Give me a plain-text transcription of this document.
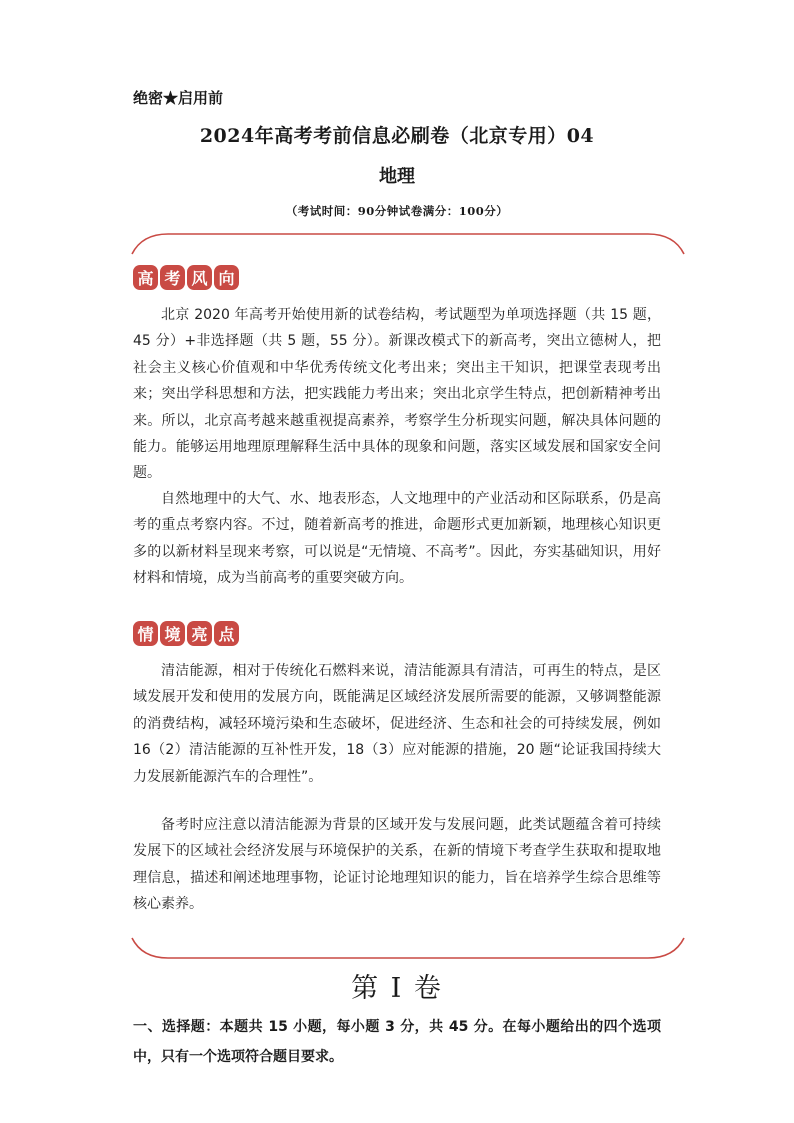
绝密★启用前
2024年高考考前信息必刷卷（北京专用）04
地理
（考试时间：90分钟试卷满分：100分）
高 考 风 向
北京 2020 年高考开始使用新的试卷结构，考试题型为单项选择题（共 15 题，45 分）+非选择题（共 5 题，55 分）。新课改模式下的新高考，突出立德树人，把社会主义核心价值观和中华优秀传统文化考出来；突出主干知识，把课堂表现考出来；突出学科思想和方法，把实践能力考出来；突出北京学生特点，把创新精神考出来。所以，北京高考越来越重视提高素养，考察学生分析现实问题，解决具体问题的能力。能够运用地理原理解释生活中具体的现象和问题，落实区域发展和国家安全问题。
自然地理中的大气、水、地表形态，人文地理中的产业活动和区际联系，仍是高考的重点考察内容。不过，随着新高考的推进，命题形式更加新颖，地理核心知识更多的以新材料呈现来考察，可以说是“无情境、不高考”。因此，夯实基础知识，用好材料和情境，成为当前高考的重要突破方向。
情 境 亮 点
清洁能源，相对于传统化石燃料来说，清洁能源具有清洁，可再生的特点，是区域发展开发和使用的发展方向，既能满足区域经济发展所需要的能源，又够调整能源的消费结构，减轻环境污染和生态破坏，促进经济、生态和社会的可持续发展，例如 16（2）清洁能源的互补性开发，18（3）应对能源的措施，20 题“论证我国持续大力发展新能源汽车的合理性”。
备考时应注意以清洁能源为背景的区域开发与发展问题，此类试题蕴含着可持续发展下的区域社会经济发展与环境保护的关系，在新的情境下考查学生获取和提取地理信息，描述和阐述地理事物，论证讨论地理知识的能力，旨在培养学生综合思维等核心素养。
第 I 卷
一、选择题：本题共 15 小题，每小题 3 分，共 45 分。在每小题给出的四个选项中，只有一个选项符合题目要求。
